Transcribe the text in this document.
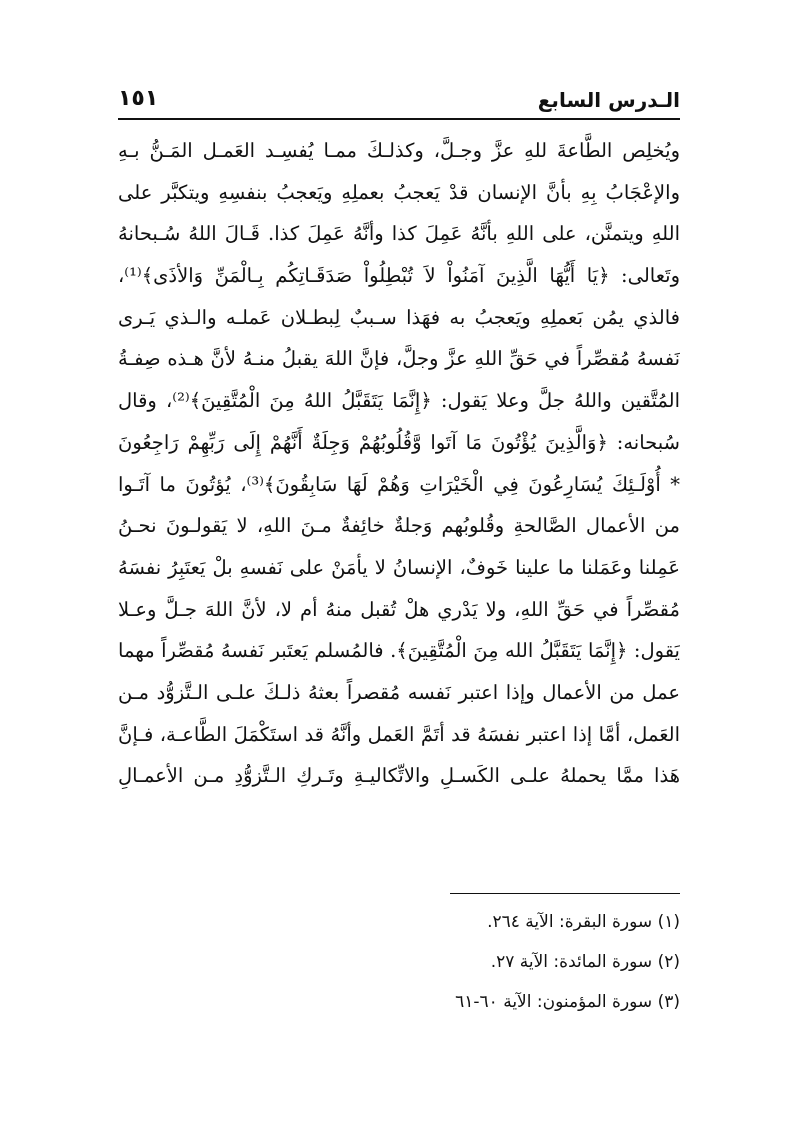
الـدرس السابع
١٥١
ويُخلِص الطَّاعةَ للهِ عزَّ وجـلَّ، وكذلـكَ ممـا يُفسِـد العَمـل المَـنُّ بـهِ
والإعْجَابُ بِهِ بأنَّ الإنسان قدْ يَعجبُ بعملِهِ ويَعجبُ بنفسِهِ ويتكبَّر على
اللهِ ويتمنَّن، على اللهِ بأنَّهُ عَمِلَ كذا وأنَّهُ عَمِلَ كذا. قَـالَ اللهُ سُـبحانهُ
وتَعالى: ﴿يَا أَيُّهَا الَّذِينَ آمَنُواْ لاَ تُبْطِلُواْ صَدَقَـاتِكُم بِـالْمَنِّ وَالأذَى﴾⁽¹⁾،
فالذي يمُن بَعملِهِ ويَعجبُ به فهَذا سـببٌ لِبطـلان عَملـه والـذي يَـرى
نَفسهُ مُقصِّراً في حَقِّ اللهِ عزَّ وجلَّ، فإنَّ اللهَ يقبلُ منـهُ لأنَّ هـذه صِفـةُ
المُتَّقين واللهُ جلَّ وعلا يَقول: ﴿إِنَّمَا يَتَقَبَّلُ اللهُ مِنَ الْمُتَّقِينَ﴾⁽²⁾، وقال
سُبحانه: ﴿وَالَّذِينَ يُؤْتُونَ مَا آتَوا وَّقُلُوبُهُمْ وَجِلَةٌ أَنَّهُمْ إِلَى رَبِّهِمْ رَاجِعُونَ
* أُوْلَـئِكَ يُسَارِعُونَ فِي الْخَيْرَاتِ وَهُمْ لَهَا سَابِقُونَ﴾⁽³⁾، يُؤتُونَ ما آتَـوا
من الأعمال الصَّالحةِ وقُلوبُهم وَجلةٌ خائِفةٌ مـنَ اللهِ، لا يَقولـونَ نحـنُ
عَمِلنا وعَمَلنا ما علينا خَوفٌ، الإنسانُ لا يأمَنْ على نَفسهِ بلْ يَعتَبِرُ نفسَهُ
مُقصِّراً في حَقِّ اللهِ، ولا يَدْري هلْ تُقبل منهُ أم لا، لأنَّ اللهَ جـلَّ وعـلا
يَقول: ﴿إِنَّمَا يَتَقَبَّلُ الله مِنَ الْمُتَّقِينَ﴾. فالمُسلم يَعتَبر نَفسهُ مُقصِّراً مهما
عمل من الأعمال وإذا اعتبر نَفسه مُقصراً بعثهُ ذلـكَ علـى الـتَّزوُّد مـن
العَمل، أمَّا إذا اعتبر نفسَهُ قد أتَمَّ العَمل وأنَّهُ قد استَكْمَلَ الطَّاعـة، فـإنَّ
هَذا ممَّا يحملهُ علـى الكَسـلِ والاتِّكاليـةِ وتَـركِ الـتَّزوُّدِ مـن الأعمـالِ
(١) سورة البقرة: الآية ٢٦٤.
(٢) سورة المائدة: الآية ٢٧.
(٣) سورة المؤمنون: الآية ٦٠-٦١
